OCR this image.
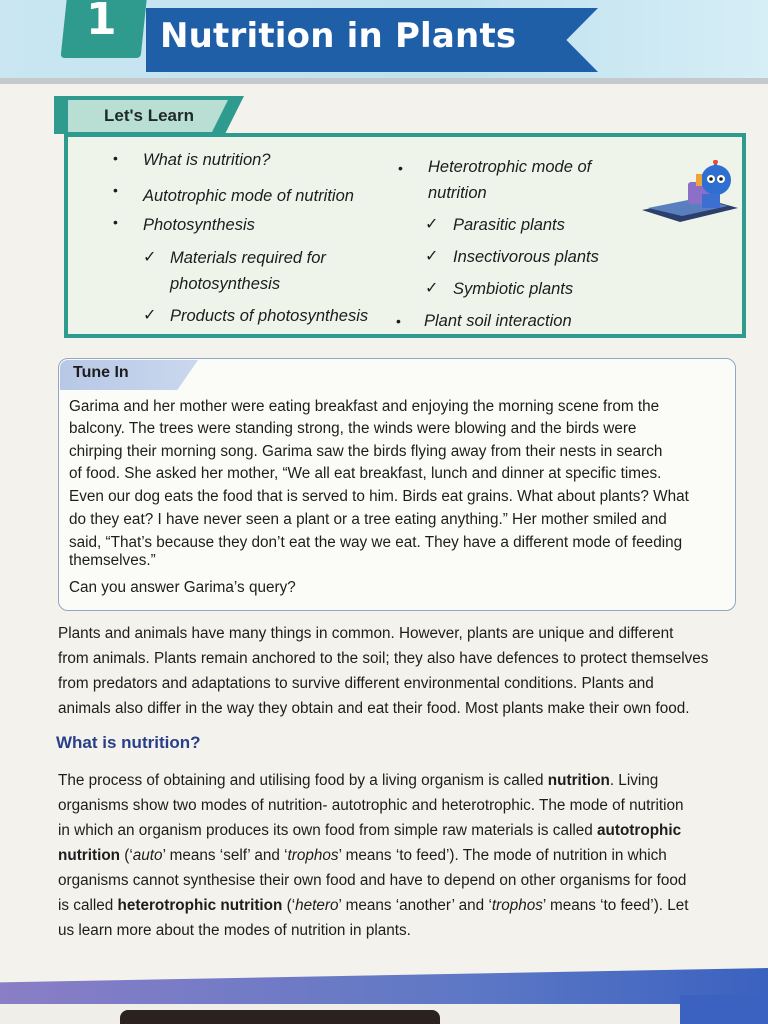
1 Nutrition in Plants
Let's Learn
• What is nutrition?
• Autotrophic mode of nutrition
• Photosynthesis
✓ Materials required for
photosynthesis
✓ Products of photosynthesis
• Heterotrophic mode of
nutrition
✓ Parasitic plants
✓ Insectivorous plants
✓ Symbiotic plants
• Plant soil interaction
Tune In
Garima and her mother were eating breakfast and enjoying the morning scene from the
balcony. The trees were standing strong, the winds were blowing and the birds were
chirping their morning song. Garima saw the birds flying away from their nests in search
of food. She asked her mother, “We all eat breakfast, lunch and dinner at specific times.
Even our dog eats the food that is served to him. Birds eat grains. What about plants? What
do they eat? I have never seen a plant or a tree eating anything.” Her mother smiled and
said, “That’s because they don’t eat the way we eat. They have a different mode of feeding
themselves.”
Can you answer Garima’s query?
Plants and animals have many things in common. However, plants are unique and different
from animals. Plants remain anchored to the soil; they also have defences to protect themselves
from predators and adaptations to survive different environmental conditions. Plants and
animals also differ in the way they obtain and eat their food. Most plants make their own food.
What is nutrition?
The process of obtaining and utilising food by a living organism is called nutrition. Living
organisms show two modes of nutrition- autotrophic and heterotrophic. The mode of nutrition
in which an organism produces its own food from simple raw materials is called autotrophic
nutrition (‘auto’ means ‘self’ and ‘trophos’ means ‘to feed’). The mode of nutrition in which
organisms cannot synthesise their own food and have to depend on other organisms for food
is called heterotrophic nutrition (‘hetero’ means ‘another’ and ‘trophos’ means ‘to feed’). Let
us learn more about the modes of nutrition in plants.
